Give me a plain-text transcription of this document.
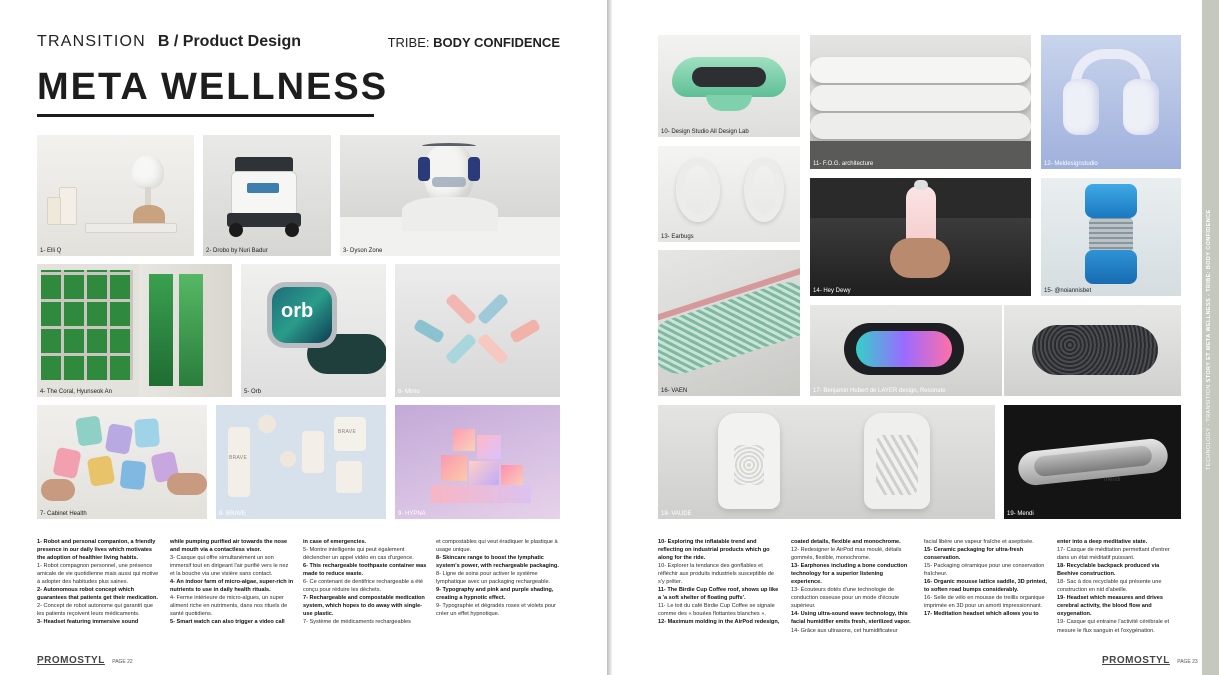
TRANSITION B / Product Design	TRIBE: BODY CONFIDENCE
META WELLNESS
1- Elli Q	2- Drobo by Nuri Badur	3- Dyson Zone
4- The Coral, Hyunseok An
orb
5- Orb	6- Mimo
7- Cabinet Health
BRAVE
BRAVE
8- BRAVE	9- HYPNA

1- Robot and personal companion, a friendly presence in our daily lives which motivates the adoption of healthier living habits.

1- Robot compagnon personnel, une présence amicale de vie quotidienne mais aussi qui motive à adopter des habitudes plus saines.

2- Autonomous robot concept which guarantees that patients get their medication.

2- Concept de robot autonome qui garantit que les patients reçoivent leurs médicaments.

3- Headset featuring immersive sound

while pumping purified air towards the nose and mouth via a contactless visor.

3- Casque qui offre simultanément un son immersif tout en dirigeant l'air purifié vers le nez et la bouche via une visière sans contact.

4- An indoor farm of micro-algae, super-rich in nutrients to use in daily health rituals.

4- Ferme intérieure de micro-algues, un super aliment riche en nutriments, dans nos rituels de santé quotidiens.

5- Smart watch can also trigger a video call

in case of emergencies.

5- Montre intelligente qui peut également déclencher un appel vidéo en cas d'urgence.

6- This rechargeable toothpaste container was made to reduce waste.

6- Ce contenant de dentifrice rechargeable a été conçu pour réduire les déchets.

7- Rechargeable and compostable medication system, which hopes to do away with single-use plastic.

7- Système de médicaments rechargeables

et compostables qui veut éradiquer le plastique à usage unique.

8- Skincare range to boost the lymphatic system's power, with rechargeable packaging.

8- Ligne de soins pour activer le système lymphatique avec un packaging rechargeable.

9- Typography and pink and purple shading, creating a hypnotic effect.

9- Typographie et dégradés roses et violets pour créer un effet hypnotique.

PROMOSTYL PAGE 22
10- Design Studio All Design Lab
13- Earbugs
16- VAEN
11- F.O.G. architecture
14- Hey Dewy
12- Meldesignstudio
15- @noiannisbet
17- Benjamin Hubert de LAYER design, Resonate
18- VAUDE
mendi
19- Mendi

10- Exploring the inflatable trend and reflecting on industrial products which go along for the ride.

10- Explorer la tendance des gonflables et réfléchir aux produits industriels susceptible de s'y prêter.

11- The Birdie Cup Coffee roof, shows up like a 'a soft shelter of floating puffs'.

11- Le toit du café Birdie Cup Coffee se signale comme des « bouées flottantes blanches ».

12- Maximum molding in the AirPod redesign,

coated details, flexible and monochrome.

12- Redesigner le AirPod max moulé, détails gommés, flexible, monochrome.

13- Earphones including a bone conduction technology for a superior listening experience.

13- Écouteurs dotés d'une technologie de conduction osseuse pour un mode d'écoute supérieur.

14- Using ultra-sound wave technology, this facial humidifier emits fresh, sterilized vapor.

14- Grâce aux ultrasons, cet humidificateur

facial libère une vapeur fraîche et aseptisée.

15- Ceramic packaging for ultra-fresh conservation.

15- Packaging céramique pour une conservation fraîcheur.

16- Organic mousse lattice saddle, 3D printed, to soften road bumps considerably.

16- Selle de vélo en mousse de treillis organique imprimée en 3D pour un amorti impressionnant.

17- Meditation headset which allows you to

enter into a deep meditative state.

17- Casque de méditation permettant d'entrer dans un état méditatif puissant.

18- Recyclable backpack produced via Beehive construction.

18- Sac à dos recyclable qui présente une construction en nid d'abeille.

19- Headset which measures and drives cerebral activity, the blood flow and oxygenation.

19- Casque qui entraine l'activité cérébrale et mesure le flux sanguin et l'oxygénation.

PROMOSTYL PAGE 23
TECHNOLOGY - TRANSITION STORY ET META WELLNESS - TRIBE: BODY CONFIDENCE
